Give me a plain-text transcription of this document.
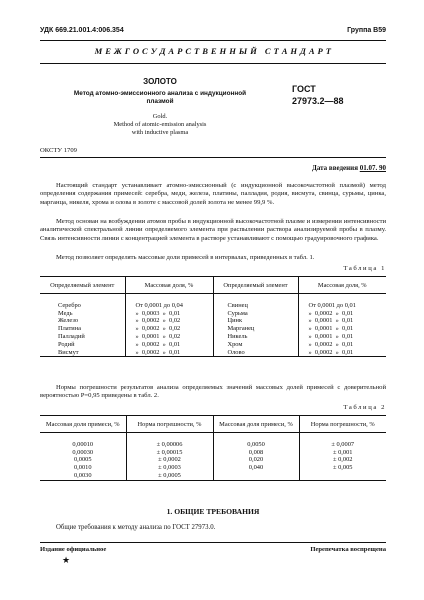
УДК 669.21.001.4:006.354	Группа В59
М Е Ж Г О С У Д А Р С Т В Е Н Н Ы Й   С Т А Н Д А Р Т
ЗОЛОТО
Метод атомно-эмиссионного анализа с индукционной
плазмой
Gold.
Method of atomic-emission analysis
with inductive plasma
ГОСТ
27973.2—88
ОКСТУ 1709
Дата введения 01.07. 90
Настоящий стандарт устанавливает атомно-эмиссионный (с индукционной высокочастотной плазмой) метод определения содержания примесей: серебра, меди, железа, платины, палладия, родия, висмута, свинца, сурьмы, цинка, марганца, никеля, хрома и олова в золоте с массовой долей золота не менее 99,9 %.
Метод основан на возбуждении атомов пробы в индукционной высокочастотной плазме и измерении интенсивности аналитической спектральной линии определяемого элемента при распылении раствора анализируемой пробы в плазму. Связь интенсивности линии с концентрацией элемента в растворе устанавливают с помощью градуировочного графика.
Метод позволяет определять массовые доли примесей в интервалах, приведенных в табл. 1.
Таблица 1
Определяемый элемент	Массовая доля, %	Определяемый элемент	Массовая доля, %

Серебро	От 0,0001 до 0,04	Свинец	От 0,0001 до 0,01
Медь	»  0,0003  »  0,01	Сурьма	»  0,0002  »  0,01
Железо	»  0,0002  »  0,02	Цинк	»  0,0001  »  0,01
Платина	»  0,0002  »  0,02	Марганец	»  0,0001  »  0,01
Палладий	»  0,0001  »  0,02	Никель	»  0,0001  »  0,01
Родий	»  0,0002  »  0,01	Хром	»  0,0002  »  0,01
Висмут	»  0,0002  »  0,01	Олово	»  0,0002  »  0,01
Нормы погрешности результатов анализа определяемых значений массовых долей примесей с доверительной вероятностью P=0,95 приведены в табл. 2.
Таблица 2
Массовая доля примеси, %	Норма погрешности, %	Массовая доля примеси, %	Норма погрешности, %

0,00010	± 0,00006	0,0050	± 0,0007
0,00030	± 0,00015	0,008	± 0,001
0,0005	± 0,0002	0,020	± 0,002
0,0010	± 0,0003	0,040	± 0,005
0,0030	± 0,0005		
1. ОБЩИЕ ТРЕБОВАНИЯ
Общие требования к методу анализа по ГОСТ 27973.0.
Издание официальное
★
Перепечатка воспрещена
